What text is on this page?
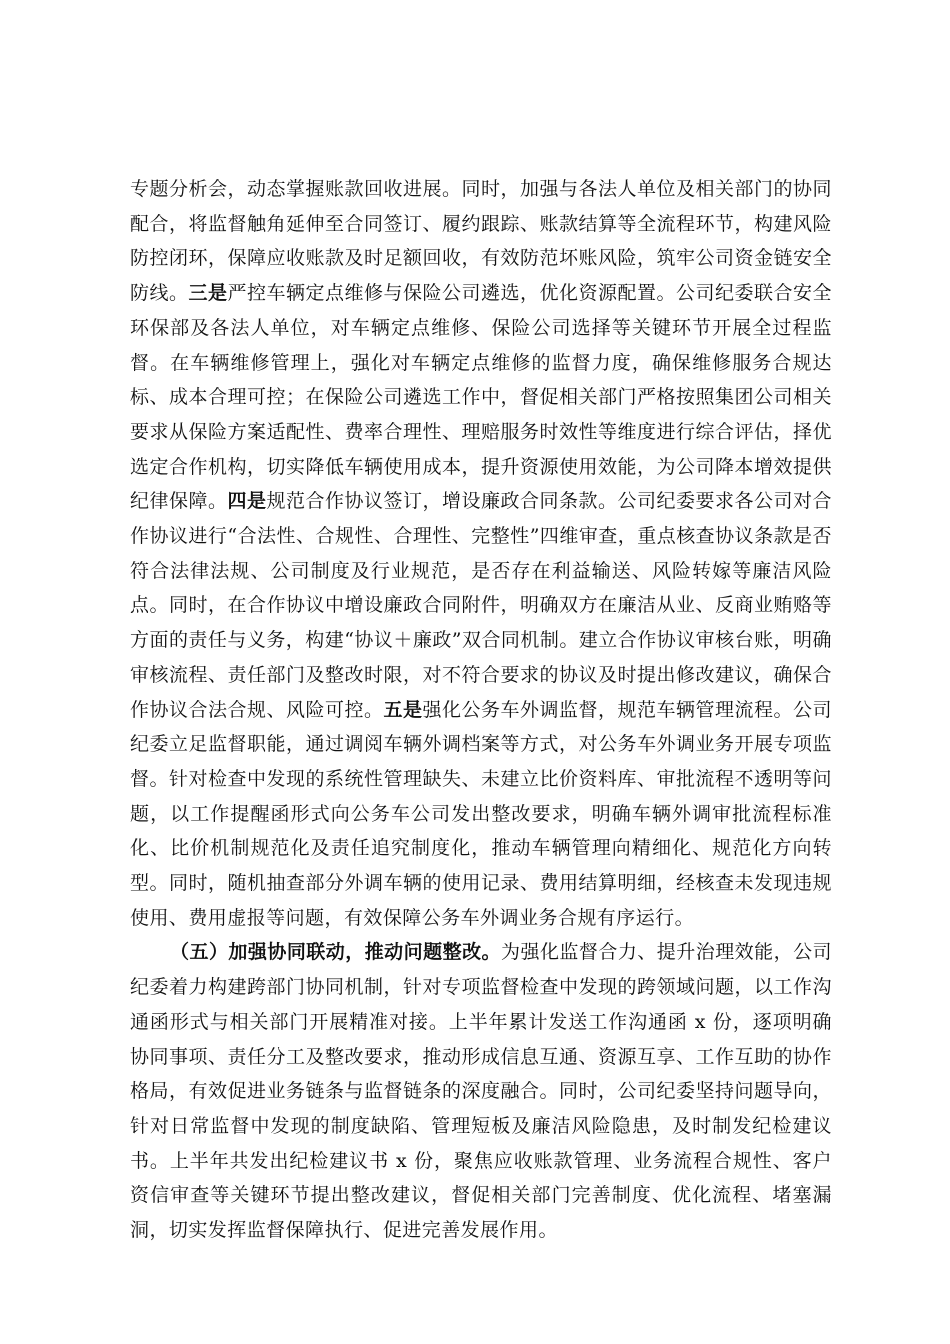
专题分析会，动态掌握账款回收进展。同时，加强与各法人单位及相关部门的协同配合，将监督触角延伸至合同签订、履约跟踪、账款结算等全流程环节，构建风险防控闭环，保障应收账款及时足额回收，有效防范坏账风险，筑牢公司资金链安全防线。三是严控车辆定点维修与保险公司遴选，优化资源配置。公司纪委联合安全环保部及各法人单位，对车辆定点维修、保险公司选择等关键环节开展全过程监督。在车辆维修管理上，强化对车辆定点维修的监督力度，确保维修服务合规达标、成本合理可控；在保险公司遴选工作中，督促相关部门严格按照集团公司相关要求从保险方案适配性、费率合理性、理赔服务时效性等维度进行综合评估，择优选定合作机构，切实降低车辆使用成本，提升资源使用效能，为公司降本增效提供纪律保障。四是规范合作协议签订，增设廉政合同条款。公司纪委要求各公司对合作协议进行“合法性、合规性、合理性、完整性”四维审查，重点核查协议条款是否符合法律法规、公司制度及行业规范，是否存在利益输送、风险转嫁等廉洁风险点。同时，在合作协议中增设廉政合同附件，明确双方在廉洁从业、反商业贿赂等方面的责任与义务，构建“协议＋廉政”双合同机制。建立合作协议审核台账，明确审核流程、责任部门及整改时限，对不符合要求的协议及时提出修改建议，确保合作协议合法合规、风险可控。五是强化公务车外调监督，规范车辆管理流程。公司纪委立足监督职能，通过调阅车辆外调档案等方式，对公务车外调业务开展专项监督。针对检查中发现的系统性管理缺失、未建立比价资料库、审批流程不透明等问题，以工作提醒函形式向公务车公司发出整改要求，明确车辆外调审批流程标准化、比价机制规范化及责任追究制度化，推动车辆管理向精细化、规范化方向转型。同时，随机抽查部分外调车辆的使用记录、费用结算明细，经核查未发现违规使用、费用虚报等问题，有效保障公务车外调业务合规有序运行。

（五）加强协同联动，推动问题整改。为强化监督合力、提升治理效能，公司纪委着力构建跨部门协同机制，针对专项监督检查中发现的跨领域问题，以工作沟通函形式与相关部门开展精准对接。上半年累计发送工作沟通函 x 份，逐项明确协同事项、责任分工及整改要求，推动形成信息互通、资源互享、工作互助的协作格局，有效促进业务链条与监督链条的深度融合。同时，公司纪委坚持问题导向，针对日常监督中发现的制度缺陷、管理短板及廉洁风险隐患，及时制发纪检建议书。上半年共发出纪检建议书 x 份，聚焦应收账款管理、业务流程合规性、客户资信审查等关键环节提出整改建议，督促相关部门完善制度、优化流程、堵塞漏洞，切实发挥监督保障执行、促进完善发展作用。
